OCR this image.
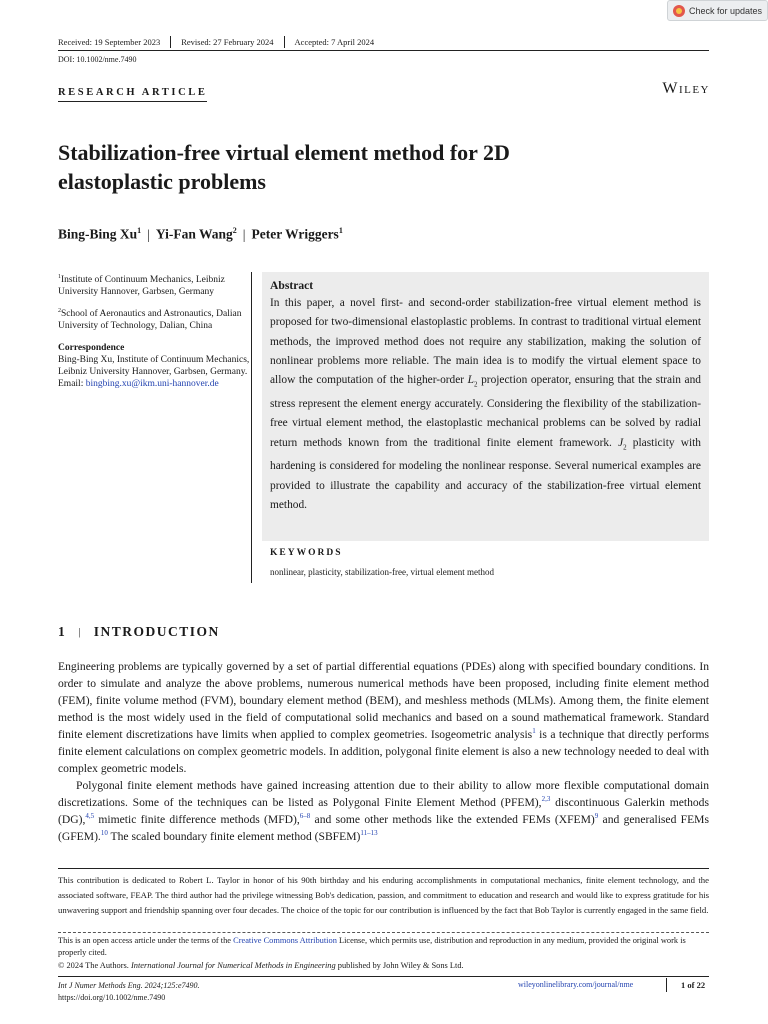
Check for updates
Received: 19 September 2023	Revised: 27 February 2024	Accepted: 7 April 2024
DOI: 10.1002/nme.7490
RESEARCH ARTICLE	Wiley
Stabilization-free virtual element method for 2D elastoplastic problems
Bing-Bing Xu$^1$ | Yi-Fan Wang$^2$ | Peter Wriggers$^1$

$^1$Institute of Continuum Mechanics, Leibniz University Hannover, Garbsen, Germany

$^2$School of Aeronautics and Astronautics, Dalian University of Technology, Dalian, China

Correspondence
Bing-Bing Xu, Institute of Continuum Mechanics, Leibniz University Hannover, Garbsen, Germany.
Email: bingbing.xu@ikm.uni-hannover.de
Abstract
In this paper, a novel first- and second-order stabilization-free virtual element method is proposed for two-dimensional elastoplastic problems. In contrast to traditional virtual element methods, the improved method does not require any stabilization, making the solution of nonlinear problems more reliable. The main idea is to modify the virtual element space to allow the computation of the higher-order $L_2$ projection operator, ensuring that the strain and stress represent the element energy accurately. Considering the flexibility of the stabilization-free virtual element method, the elastoplastic mechanical problems can be solved by radial return methods known from the traditional finite element framework. $J_2$ plasticity with hardening is considered for modeling the nonlinear response. Several numerical examples are provided to illustrate the capability and accuracy of the stabilization-free virtual element method.
KEYWORDS
nonlinear, plasticity, stabilization-free, virtual element method
1 | INTRODUCTION

Engineering problems are typically governed by a set of partial differential equations (PDEs) along with specified boundary conditions. In order to simulate and analyze the above problems, numerous numerical methods have been proposed, including finite element method (FEM), finite volume method (FVM), boundary element method (BEM), and meshless methods (MLMs). Among them, the finite element method is the most widely used in the field of computational solid mechanics and based on a sound mathematical framework. Standard finite element discretizations have limits when applied to complex geometries. Isogeometric analysis$^1$ is a technique that directly performs finite element calculations on complex geometric models. In addition, polygonal finite element is also a new technology needed to deal with complex geometric models.

Polygonal finite element methods have gained increasing attention due to their ability to allow more flexible computational domain discretizations. Some of the techniques can be listed as Polygonal Finite Element Method (PFEM),$^{2,3}$ discontinuous Galerkin methods (DG),$^{4,5}$ mimetic finite difference methods (MFD),$^{6-8}$ and some other methods like the extended FEMs (XFEM)$^9$ and generalised FEMs (GFEM).$^{10}$ The scaled boundary finite element method (SBFEM)$^{11-13}$

This contribution is dedicated to Robert L. Taylor in honor of his 90th birthday and his enduring accomplishments in computational mechanics, finite element technology, and the associated software, FEAP. The third author had the privilege witnessing Bob's dedication, passion, and commitment to education and research and would like to express gratitude for his unwavering support and friendship spanning over four decades. The choice of the topic for our contribution is influenced by the fact that Bob Taylor is currently engaged in the same field.
This is an open access article under the terms of the Creative Commons Attribution License, which permits use, distribution and reproduction in any medium, provided the original work is properly cited.
© 2024 The Authors. International Journal for Numerical Methods in Engineering published by John Wiley & Sons Ltd.
Int J Numer Methods Eng. 2024;125:e7490.
https://doi.org/10.1002/nme.7490
wileyonlinelibrary.com/journal/nme	1 of 22
